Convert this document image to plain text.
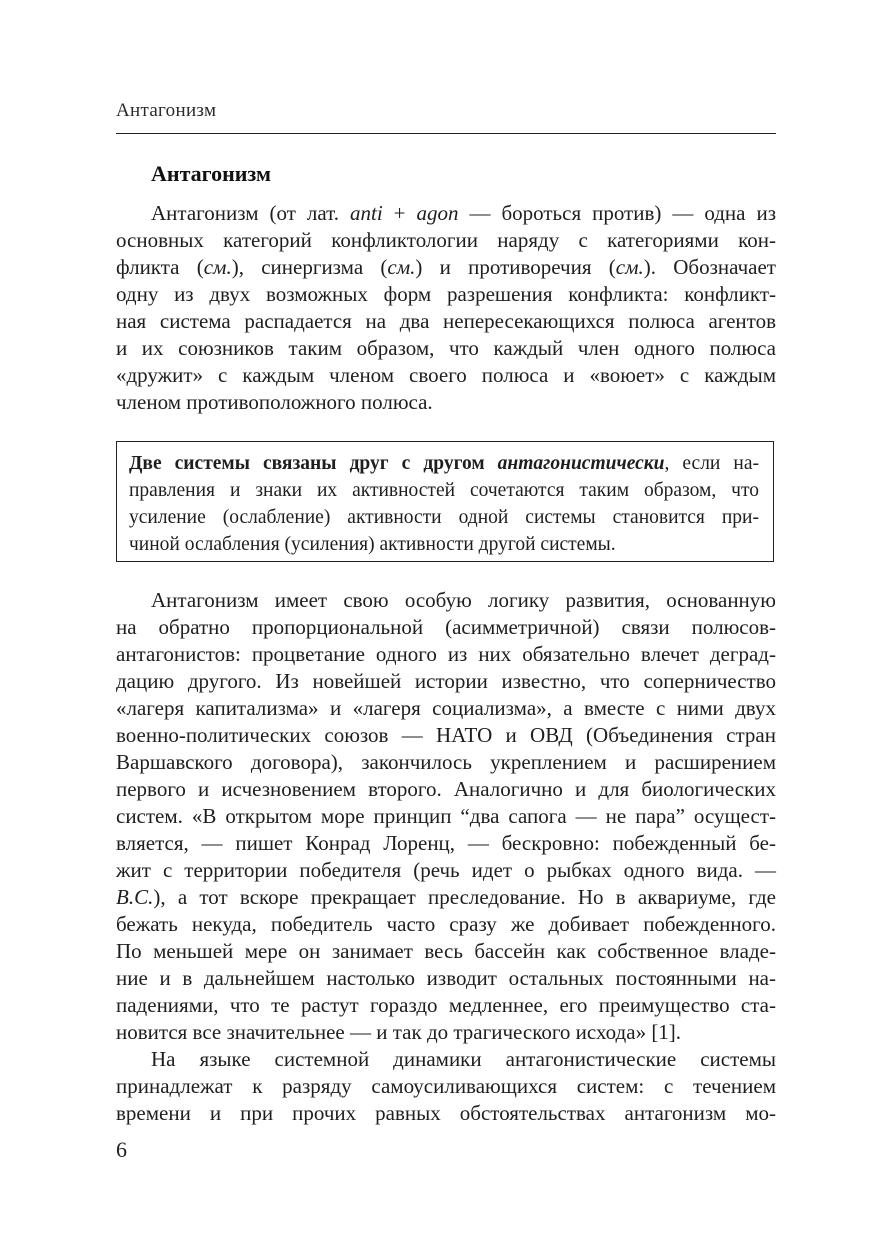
Антагонизм
Антагонизм
Антагонизм (от лат. anti + agon — бороться против) — одна из
основных категорий конфликтологии наряду с категориями кон-
фликта (см.), синергизма (см.) и противоречия (см.). Обозначает
одну из двух возможных форм разрешения конфликта: конфликт-
ная система распадается на два непересекающихся полюса агентов
и их союзников таким образом, что каждый член одного полюса
«дружит» с каждым членом своего полюса и «воюет» с каждым
членом противоположного полюса.
Две системы связаны друг с другом антагонистически, если на-
правления и знаки их активностей сочетаются таким образом, что
усиление (ослабление) активности одной системы становится при-
чиной ослабления (усиления) активности другой системы.
Антагонизм имеет свою особую логику развития, основанную
на обратно пропорциональной (асимметричной) связи полюсов-
антагонистов: процветание одного из них обязательно влечет деград-
дацию другого. Из новейшей истории известно, что соперничество
«лагеря капитализма» и «лагеря социализма», а вместе с ними двух
военно-политических союзов — НАТО и ОВД (Объединения стран
Варшавского договора), закончилось укреплением и расширением
первого и исчезновением второго. Аналогично и для биологических
систем. «В открытом море принцип “два сапога — не пара” осущест-
вляется, — пишет Конрад Лоренц, — бескровно: побежденный бе-
жит с территории победителя (речь идет о рыбках одного вида. —
В.С.), а тот вскоре прекращает преследование. Но в аквариуме, где
бежать некуда, победитель часто сразу же добивает побежденного.
По меньшей мере он занимает весь бассейн как собственное владе-
ние и в дальнейшем настолько изводит остальных постоянными на-
падениями, что те растут гораздо медленнее, его преимущество ста-
новится все значительнее — и так до трагического исхода» [1].
На языке системной динамики антагонистические системы
принадлежат к разряду самоусиливающихся систем: с течением
времени и при прочих равных обстоятельствах антагонизм мо-
6
